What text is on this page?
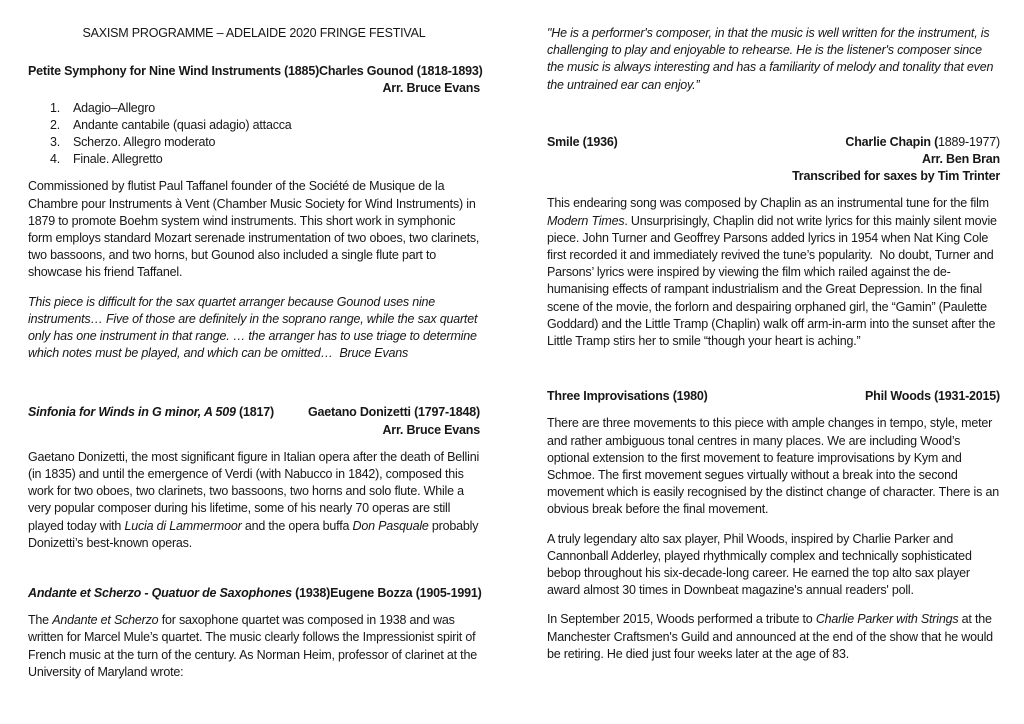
SAXISM PROGRAMME – ADELAIDE 2020 FRINGE FESTIVAL
Petite Symphony for Nine Wind Instruments (1885) Charles Gounod (1818-1893)
Arr. Bruce Evans
1.	Adagio–Allegro
2.	Andante cantabile (quasi adagio) attacca
3.	Scherzo. Allegro moderato
4.	Finale. Allegretto

Commissioned by flutist Paul Taffanel founder of the Société de Musique de la Chambre pour Instruments à Vent (Chamber Music Society for Wind Instruments) in 1879 to promote Boehm system wind instruments. This short work in symphonic form employs standard Mozart serenade instrumentation of two oboes, two clarinets, two bassoons, and two horns, but Gounod also included a single flute part to showcase his friend Taffanel.

This piece is difficult for the sax quartet arranger because Gounod uses nine instruments… Five of those are definitely in the soprano range, while the sax quartet only has one instrument in that range. … the arranger has to use triage to determine which notes must be played, and which can be omitted…  Bruce Evans

Sinfonia for Winds in G minor, A 509 (1817)	Gaetano Donizetti (1797-1848)
Arr. Bruce Evans

Gaetano Donizetti, the most significant figure in Italian opera after the death of Bellini (in 1835) and until the emergence of Verdi (with Nabucco in 1842), composed this work for two oboes, two clarinets, two bassoons, two horns and solo flute. While a very popular composer during his lifetime, some of his nearly 70 operas are still played today with Lucia di Lammermoor and the opera buffa Don Pasquale probably Donizetti’s best-known operas.

Andante et Scherzo - Quatuor de Saxophones (1938) Eugene Bozza (1905-1991)

The Andante et Scherzo for saxophone quartet was composed in 1938 and was written for Marcel Mule’s quartet. The music clearly follows the Impressionist spirit of French music at the turn of the century. As Norman Heim, professor of clarinet at the University of Maryland wrote:

"He is a performer's composer, in that the music is well written for the instrument, is challenging to play and enjoyable to rehearse. He is the listener's composer since the music is always interesting and has a familiarity of melody and tonality that even the untrained ear can enjoy.”

Smile (1936)	Charlie Chapin (1889-1977)
Arr. Ben Bran
Transcribed for saxes by Tim Trinter

This endearing song was composed by Chaplin as an instrumental tune for the film Modern Times. Unsurprisingly, Chaplin did not write lyrics for this mainly silent movie piece. John Turner and Geoffrey Parsons added lyrics in 1954 when Nat King Cole first recorded it and immediately revived the tune’s popularity.  No doubt, Turner and Parsons’ lyrics were inspired by viewing the film which railed against the de-humanising effects of rampant industrialism and the Great Depression. In the final scene of the movie, the forlorn and despairing orphaned girl, the “Gamin” (Paulette Goddard) and the Little Tramp (Chaplin) walk off arm-in-arm into the sunset after the Little Tramp stirs her to smile “though your heart is aching.”

Three Improvisations (1980)	Phil Woods (1931-2015)

There are three movements to this piece with ample changes in tempo, style, meter and rather ambiguous tonal centres in many places. We are including Wood’s optional extension to the first movement to feature improvisations by Kym and Schmoe. The first movement segues virtually without a break into the second movement which is easily recognised by the distinct change of character. There is an obvious break before the final movement.

A truly legendary alto sax player, Phil Woods, inspired by Charlie Parker and Cannonball Adderley, played rhythmically complex and technically sophisticated bebop throughout his six-decade-long career. He earned the top alto sax player award almost 30 times in Downbeat magazine's annual readers' poll.

In September 2015, Woods performed a tribute to Charlie Parker with Strings at the Manchester Craftsmen's Guild and announced at the end of the show that he would be retiring. He died just four weeks later at the age of 83.
